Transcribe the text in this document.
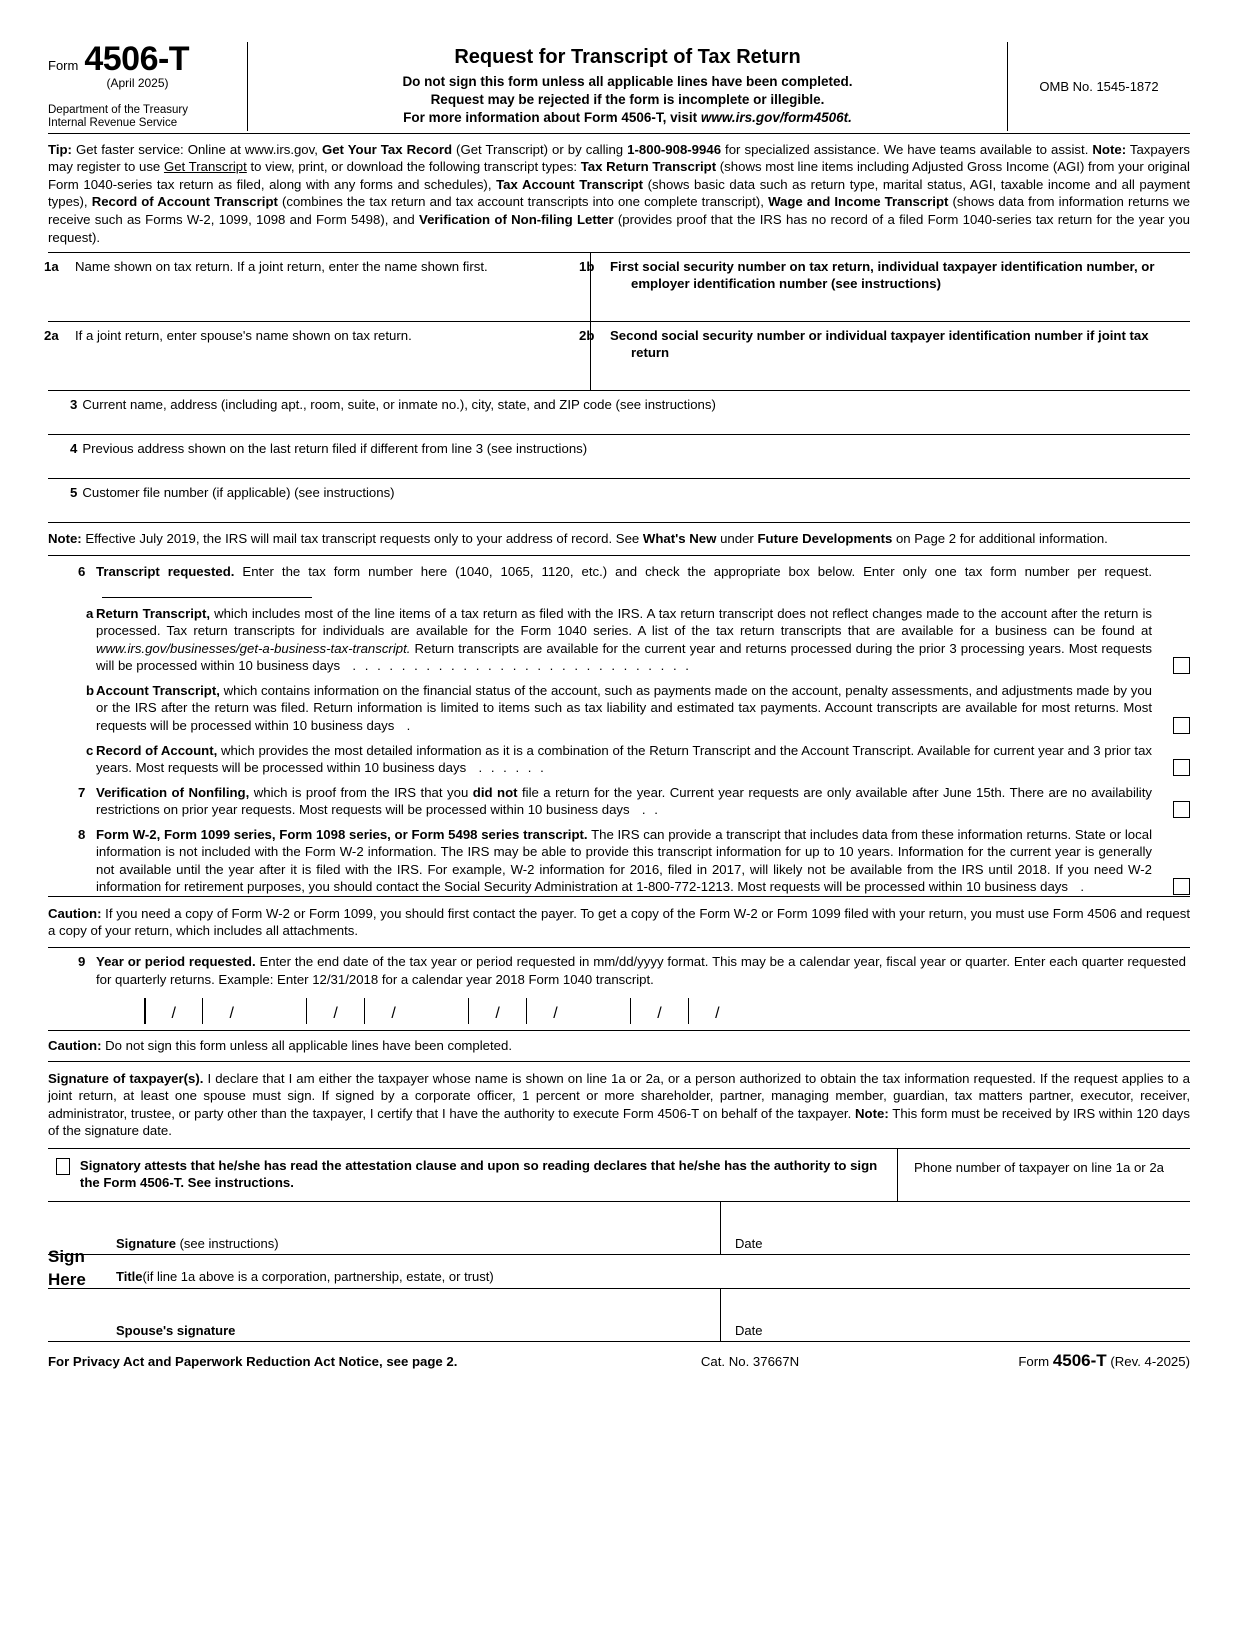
Form 4506-T
(April 2025)
Department of the Treasury
Internal Revenue Service
Request for Transcript of Tax Return
Do not sign this form unless all applicable lines have been completed.
Request may be rejected if the form is incomplete or illegible.
For more information about Form 4506-T, visit www.irs.gov/form4506t.
OMB No. 1545-1872
Tip: Get faster service: Online at www.irs.gov, Get Your Tax Record (Get Transcript) or by calling 1-800-908-9946 for specialized assistance. We have teams available to assist. Note: Taxpayers may register to use Get Transcript to view, print, or download the following transcript types: Tax Return Transcript (shows most line items including Adjusted Gross Income (AGI) from your original Form 1040-series tax return as filed, along with any forms and schedules), Tax Account Transcript (shows basic data such as return type, marital status, AGI, taxable income and all payment types), Record of Account Transcript (combines the tax return and tax account transcripts into one complete transcript), Wage and Income Transcript (shows data from information returns we receive such as Forms W-2, 1099, 1098 and Form 5498), and Verification of Non-filing Letter (provides proof that the IRS has no record of a filed Form 1040-series tax return for the year you request).
1a Name shown on tax return. If a joint return, enter the name shown first.	1b First social security number on tax return, individual taxpayer identification number, or employer identification number (see instructions)
2a If a joint return, enter spouse's name shown on tax return.	2b Second social security number or individual taxpayer identification number if joint tax return
3 Current name, address (including apt., room, suite, or inmate no.), city, state, and ZIP code (see instructions)
4 Previous address shown on the last return filed if different from line 3 (see instructions)
5 Customer file number (if applicable) (see instructions)
Note: Effective July 2019, the IRS will mail tax transcript requests only to your address of record. See What's New under Future Developments on Page 2 for additional information.
6 Transcript requested. Enter the tax form number here (1040, 1065, 1120, etc.) and check the appropriate box below. Enter only one tax form number per request.
a Return Transcript, which includes most of the line items of a tax return as filed with the IRS. A tax return transcript does not reflect changes made to the account after the return is processed. Tax return transcripts for individuals are available for the Form 1040 series. A list of the tax return transcripts that are available for a business can be found at www.irs.gov/businesses/get-a-business-tax-transcript. Return transcripts are available for the current year and returns processed during the prior 3 processing years. Most requests will be processed within 10 business days  . . . . . . . . . . . . . . . . . . . . . . . . . . . .
b Account Transcript, which contains information on the financial status of the account, such as payments made on the account, penalty assessments, and adjustments made by you or the IRS after the return was filed. Return information is limited to items such as tax liability and estimated tax payments. Account transcripts are available for most returns. Most requests will be processed within 10 business days  .
c Record of Account, which provides the most detailed information as it is a combination of the Return Transcript and the Account Transcript. Available for current year and 3 prior tax years. Most requests will be processed within 10 business days  . . . . . .
7 Verification of Nonfiling, which is proof from the IRS that you did not file a return for the year. Current year requests are only available after June 15th. There are no availability restrictions on prior year requests. Most requests will be processed within 10 business days  . .
8 Form W-2, Form 1099 series, Form 1098 series, or Form 5498 series transcript. The IRS can provide a transcript that includes data from these information returns. State or local information is not included with the Form W-2 information. The IRS may be able to provide this transcript information for up to 10 years. Information for the current year is generally not available until the year after it is filed with the IRS. For example, W-2 information for 2016, filed in 2017, will likely not be available from the IRS until 2018. If you need W-2 information for retirement purposes, you should contact the Social Security Administration at 1-800-772-1213. Most requests will be processed within 10 business days  .
Caution: If you need a copy of Form W-2 or Form 1099, you should first contact the payer. To get a copy of the Form W-2 or Form 1099 filed with your return, you must use Form 4506 and request a copy of your return, which includes all attachments.
9 Year or period requested. Enter the end date of the tax year or period requested in mm/dd/yyyy format. This may be a calendar year, fiscal year or quarter. Enter each quarter requested for quarterly returns. Example: Enter 12/31/2018 for a calendar year 2018 Form 1040 transcript.
/	/	/	/	/	/	/	/
Caution: Do not sign this form unless all applicable lines have been completed.
Signature of taxpayer(s). I declare that I am either the taxpayer whose name is shown on line 1a or 2a, or a person authorized to obtain the tax information requested. If the request applies to a joint return, at least one spouse must sign. If signed by a corporate officer, 1 percent or more shareholder, partner, managing member, guardian, tax matters partner, executor, receiver, administrator, trustee, or party other than the taxpayer, I certify that I have the authority to execute Form 4506-T on behalf of the taxpayer. Note: This form must be received by IRS within 120 days of the signature date.
Signatory attests that he/she has read the attestation clause and upon so reading declares that he/she has the authority to sign the Form 4506-T. See instructions.
Phone number of taxpayer on line 1a or 2a
Sign
Here
Signature (see instructions)	Date
Title (if line 1a above is a corporation, partnership, estate, or trust)
Spouse's signature	Date
For Privacy Act and Paperwork Reduction Act Notice, see page 2.	Cat. No. 37667N	Form 4506-T (Rev. 4-2025)
